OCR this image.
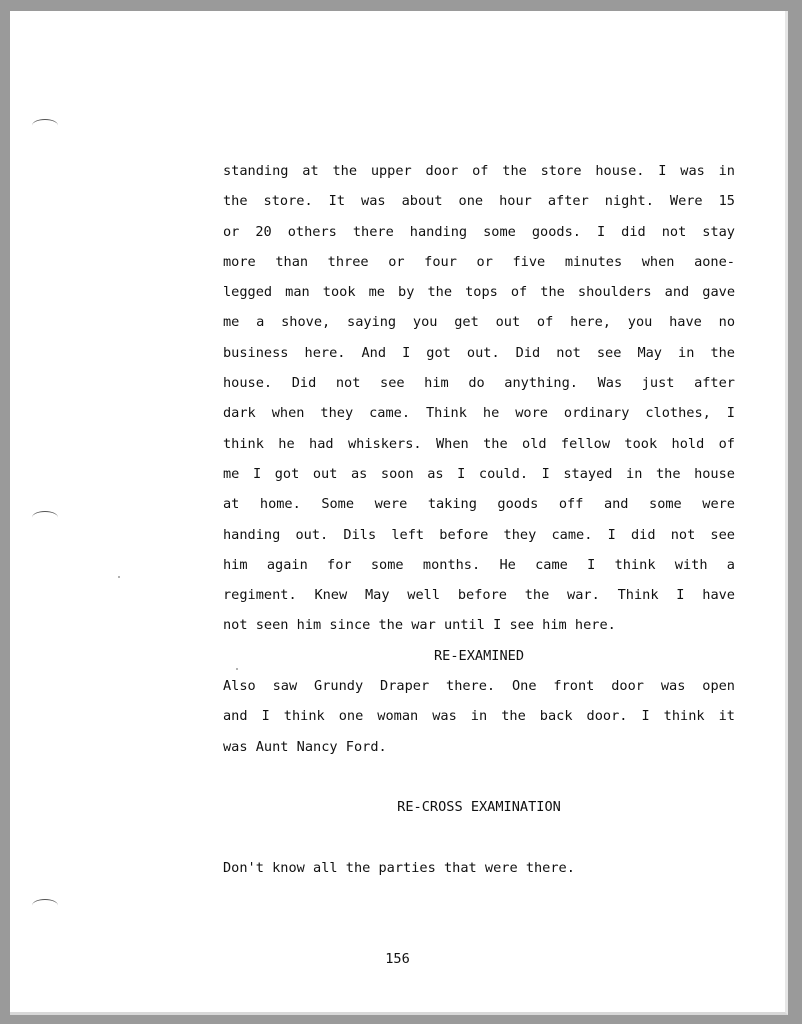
standing at the upper door of the store house. I was in
the store. It was about one hour after night. Were 15
or 20 others there handing some goods. I did not stay
more than three or four or five minutes when aone-
legged man took me by the tops of the shoulders and gave
me a shove, saying you get out of here, you have no
business here. And I got out. Did not see May in the
house. Did not see him do anything. Was just after
dark when they came. Think he wore ordinary clothes, I
think he had whiskers. When the old fellow took hold of
me I got out as soon as I could. I stayed in the house
at home. Some were taking goods off and some were
handing out. Dils left before they came. I did not see
him again for some months. He came I think with a
regiment. Knew May well before the war. Think I have
not seen him since the war until I see him here.
RE-EXAMINED
Also saw Grundy Draper there. One front door was open
and I think one woman was in the back door. I think it
was Aunt Nancy Ford.
RE-CROSS EXAMINATION
Don't know all the parties that were there.
156
